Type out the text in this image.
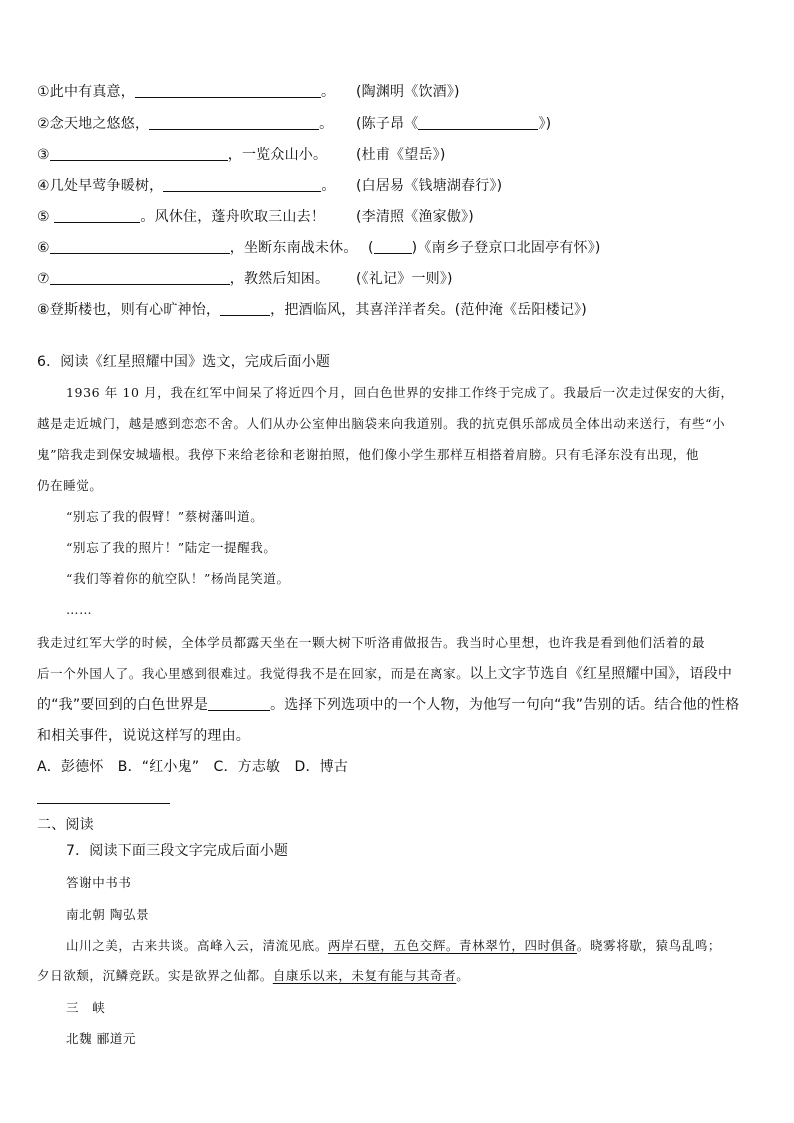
①此中有真意，	。 (陶渊明《饮酒》)
②念天地之悠悠，	。 (陈子昂《	》)
③	，一览众山小。 (杜甫《望岳》)
④几处早莺争暖树，	。 (白居易《钱塘湖春行》)
⑤	。风休住，蓬舟吹取三山去！ (李清照《渔家傲》)
⑥	，坐断东南战未休。 (	)《南乡子登京口北固亭有怀》)
⑦	，教然后知困。 (《礼记》一则》)
⑧登斯楼也，则有心旷神怡，	，把酒临风，其喜洋洋者矣。(范仲淹《岳阳楼记》)
6．阅读《红星照耀中国》选文，完成后面小题
1936 年 10 月，我在红军中间呆了将近四个月，回白色世界的安排工作终于完成了。我最后一次走过保安的大街，
越是走近城门，越是感到恋恋不舍。人们从办公室伸出脑袋来向我道别。我的抗克俱乐部成员全体出动来送行，有些“小
鬼”陪我走到保安城墙根。我停下来给老徐和老谢拍照，他们像小学生那样互相搭着肩膀。只有毛泽东没有出现，他
仍在睡觉。
“别忘了我的假臂！”蔡树藩叫道。
“别忘了我的照片！”陆定一提醒我。
“我们等着你的航空队！”杨尚昆笑道。
……
我走过红军大学的时候，全体学员都露天坐在一颗大树下听洛甫做报告。我当时心里想，也许我是看到他们活着的最
后一个外国人了。我心里感到很难过。我觉得我不是在回家，而是在离家。以上文字节选自《红星照耀中国》，语段中
的“我”要回到的白色世界是	。选择下列选项中的一个人物，为他写一句向“我”告别的话。结合他的性格
和相关事件，说说这样写的理由。
A．彭德怀　B．“红小鬼”　C．方志敏　D．博古
二、阅读
7．阅读下面三段文字完成后面小题
答谢中书书
南北朝 陶弘景
山川之美，古来共谈。高峰入云，清流见底。两岸石壁，五色交辉。青林翠竹，四时俱备。晓雾将歇，猿鸟乱鸣；
夕日欲颓，沉鳞竞跃。实是欲界之仙都。自康乐以来，未复有能与其奇者。
三　峡
北魏 郦道元
